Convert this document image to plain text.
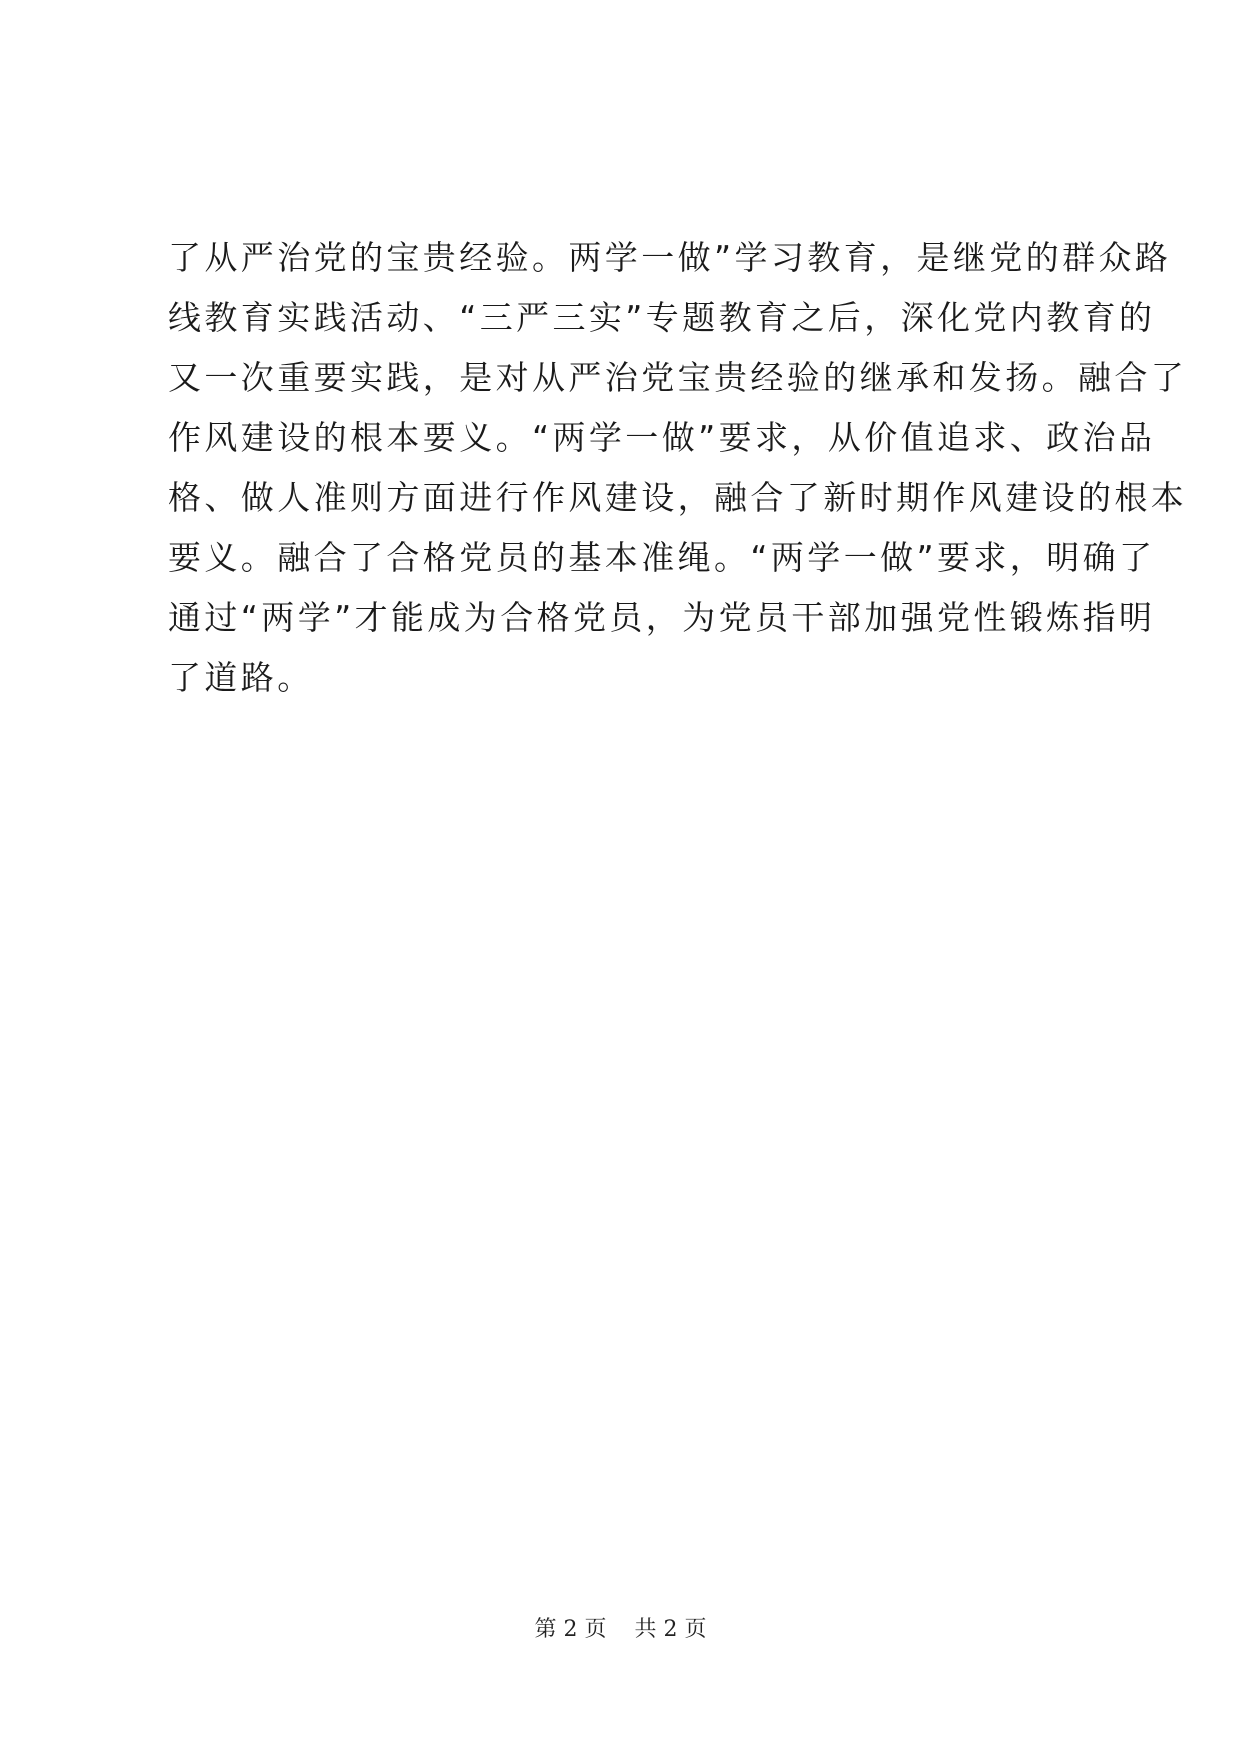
了从严治党的宝贵经验。两学一做”学习教育，是继党的群众路
线教育实践活动、“三严三实”专题教育之后，深化党内教育的
又一次重要实践，是对从严治党宝贵经验的继承和发扬。融合了
作风建设的根本要义。“两学一做”要求，从价值追求、政治品
格、做人准则方面进行作风建设，融合了新时期作风建设的根本
要义。融合了合格党员的基本准绳。“两学一做”要求，明确了
通过“两学”才能成为合格党员，为党员干部加强党性锻炼指明
了道路。
第 2 页 共 2 页
